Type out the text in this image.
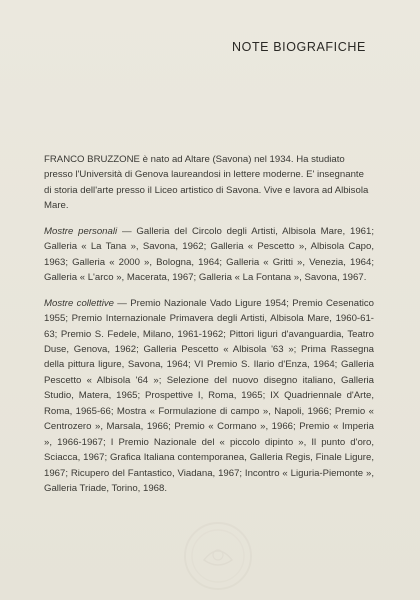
NOTE BIOGRAFICHE

FRANCO BRUZZONE è nato ad Altare (Savona) nel 1934. Ha studiato presso l'Università di Genova laureandosi in lettere moderne. E' insegnante di storia dell'arte presso il Liceo artistico di Savona. Vive e lavora ad Albisola Mare.

Mostre personali — Galleria del Circolo degli Artisti, Albisola Mare, 1961; Galleria « La Tana », Savona, 1962; Galleria « Pescetto », Albisola Capo, 1963; Galleria « 2000 », Bologna, 1964; Galleria « Gritti », Venezia, 1964; Galleria « L'arco », Macerata, 1967; Galleria « La Fontana », Savona, 1967.

Mostre collettive — Premio Nazionale Vado Ligure 1954; Premio Cesenatico 1955; Premio Internazionale Primavera degli Artisti, Albisola Mare, 1960-61-63; Premio S. Fedele, Milano, 1961-1962; Pittori liguri d'avanguardia, Teatro Duse, Genova, 1962; Galleria Pescetto « Albisola '63 »; Prima Rassegna della pittura ligure, Savona, 1964; VI Premio S. Ilario d'Enza, 1964; Galleria Pescetto « Albisola '64 »; Selezione del nuovo disegno italiano, Galleria Studio, Matera, 1965; Prospettive I, Roma, 1965; IX Quadriennale d'Arte, Roma, 1965-66; Mostra « Formulazione di campo », Napoli, 1966; Premio « Centrozero », Marsala, 1966; Premio « Cormano », 1966; Premio « Imperia », 1966-1967; I Premio Nazionale del « piccolo dipinto », Il punto d'oro, Sciacca, 1967; Grafica Italiana contemporanea, Galleria Regis, Finale Ligure, 1967; Ricupero del Fantastico, Viadana, 1967; Incontro « Liguria-Piemonte », Galleria Triade, Torino, 1968.
